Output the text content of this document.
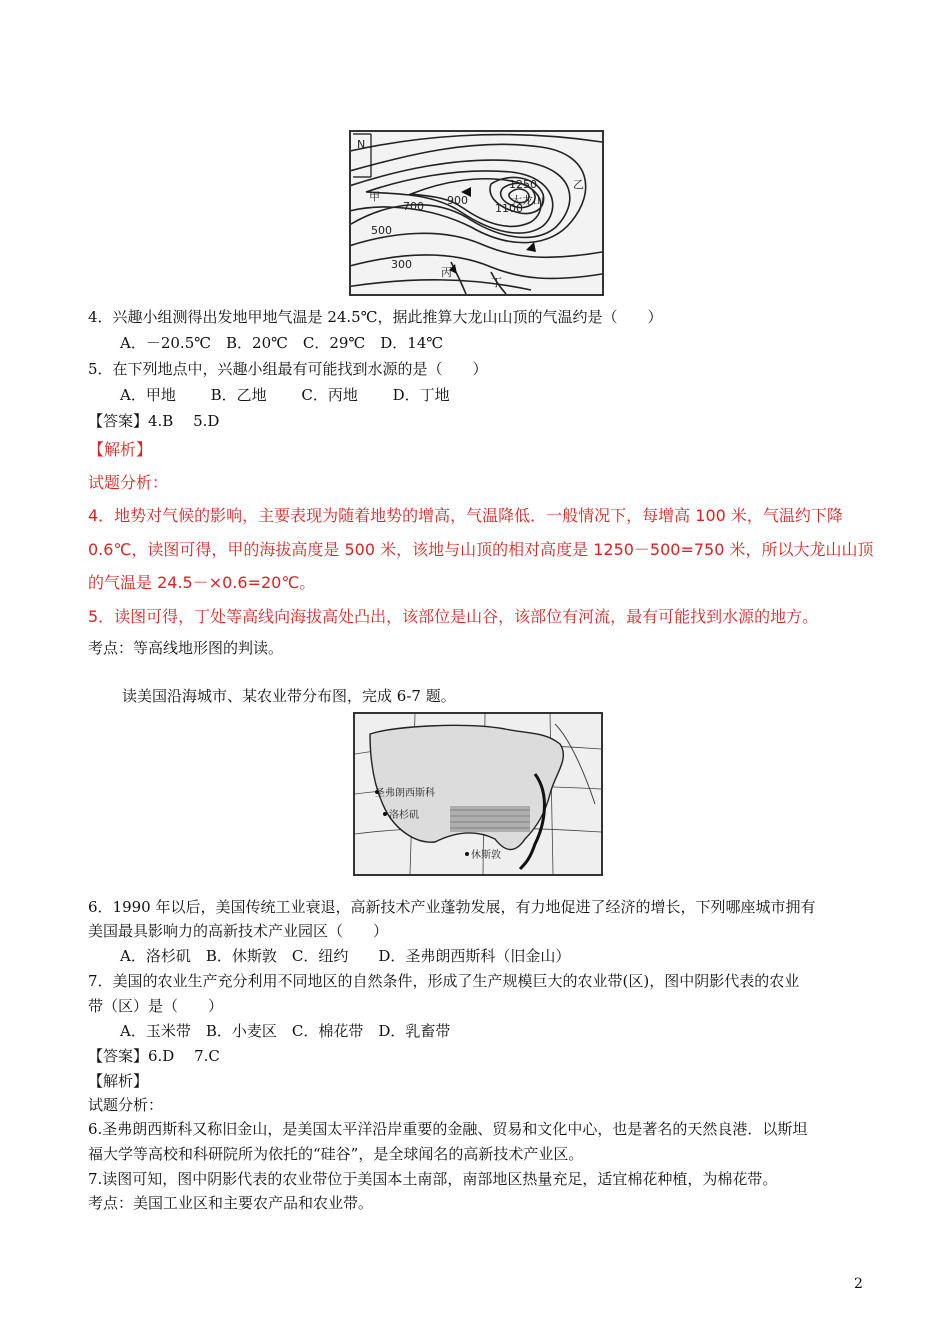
N
甲
乙
丙
丁
1250
大龙山
1100
900
700
500
300
4．兴趣小组测得出发地甲地气温是 24.5℃，据此推算大龙山山顶的气温约是（　　）
A．－20.5℃　B．20℃　C．29℃　D．14℃
5．在下列地点中，兴趣小组最有可能找到水源的是（　　）
A．甲地　　 B．乙地　　 C．丙地　　 D．丁地
【答案】4.B　 5.D
【解析】
试题分析：
4．地势对气候的影响，主要表现为随着地势的增高，气温降低．一般情况下，每增高 100 米，气温约下降
0.6℃，读图可得，甲的海拔高度是 500 米，该地与山顶的相对高度是 1250－500=750 米，所以大龙山山顶
的气温是 24.5－×0.6=20℃。
5．读图可得，丁处等高线向海拔高处凸出，该部位是山谷，该部位有河流，最有可能找到水源的地方。
考点：等高线地形图的判读。
读美国沿海城市、某农业带分布图，完成 6-7 题。
圣弗朗西斯科
洛杉矶
休斯敦
6．1990 年以后，美国传统工业衰退，高新技术产业蓬勃发展，有力地促进了经济的增长，下列哪座城市拥有
美国最具影响力的高新技术产业园区（　　）
A．洛杉矶　B．休斯敦　C．纽约　　D．圣弗朗西斯科（旧金山）
7．美国的农业生产充分利用不同地区的自然条件，形成了生产规模巨大的农业带(区)，图中阴影代表的农业
带（区）是（　　）
A．玉米带　B．小麦区　C．棉花带　D．乳畜带
【答案】6.D　 7.C
【解析】
试题分析：
6.圣弗朗西斯科又称旧金山，是美国太平洋沿岸重要的金融、贸易和文化中心，也是著名的天然良港．以斯坦
福大学等高校和科研院所为依托的“硅谷”，是全球闻名的高新技术产业区。
7.读图可知，图中阴影代表的农业带位于美国本土南部，南部地区热量充足，适宜棉花种植，为棉花带。
考点：美国工业区和主要农产品和农业带。
2
